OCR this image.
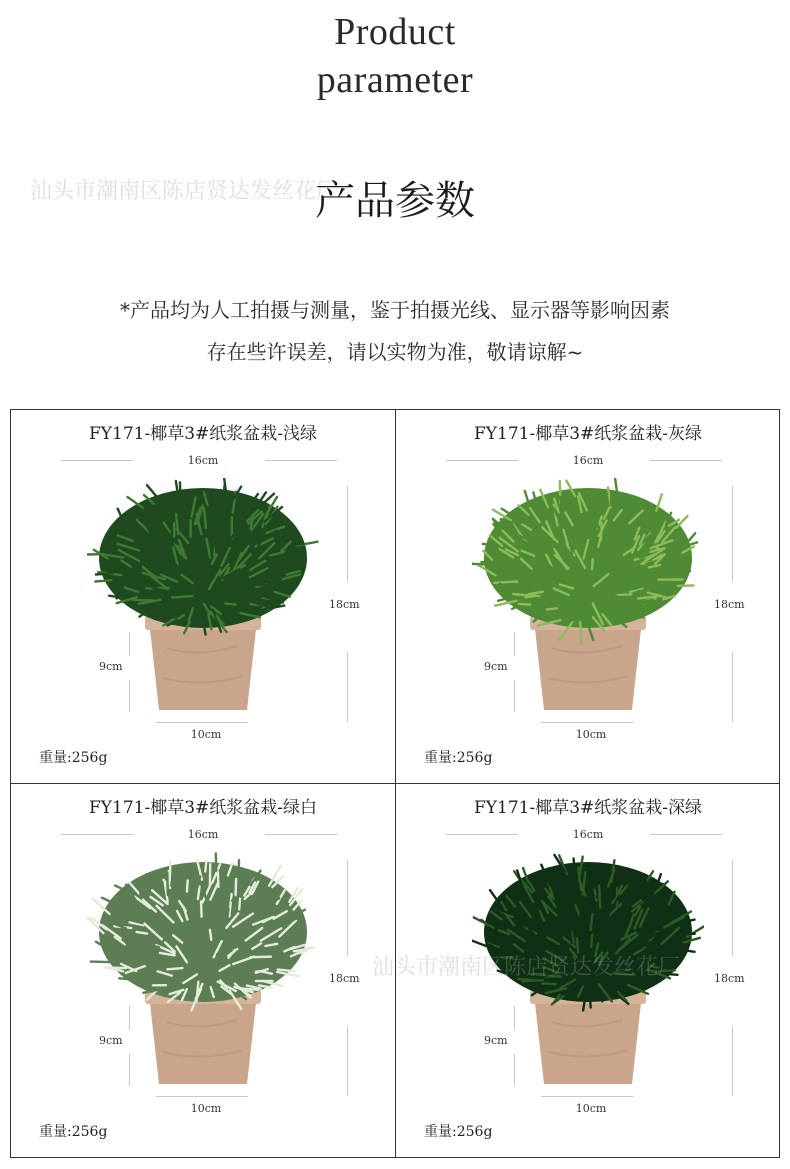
Product
parameter
汕头市潮南区陈店贤达发丝花厂
产品参数
*产品均为人工拍摄与测量，鉴于拍摄光线、显示器等影响因素
存在些许误差，请以实物为准，敬请谅解~
FY171-椰草3#纸浆盆栽-浅绿
16cm
18cm
9cm
10cm
重量:256g
FY171-椰草3#纸浆盆栽-灰绿
16cm
18cm
9cm
10cm
重量:256g
FY171-椰草3#纸浆盆栽-绿白
16cm
18cm
9cm
10cm
重量:256g
FY171-椰草3#纸浆盆栽-深绿
16cm
18cm
9cm
10cm
重量:256g
汕头市潮南区陈店贤达发丝花厂
